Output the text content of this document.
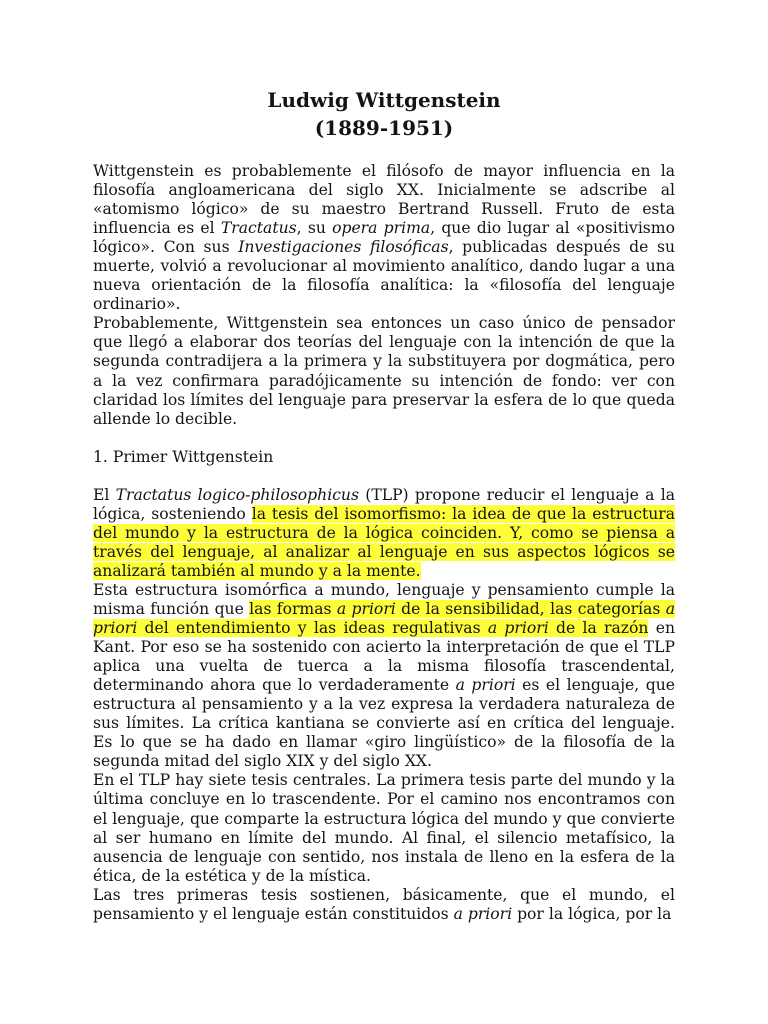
Ludwig Wittgenstein
(1889-1951)

Wittgenstein es probablemente el filósofo de mayor influencia en la filosofía angloamericana del siglo XX. Inicialmente se adscribe al «atomismo lógico» de su maestro Bertrand Russell. Fruto de esta influencia es el Tractatus, su opera prima, que dio lugar al «positivismo lógico». Con sus Investigaciones filosóficas, publicadas después de su muerte, volvió a revolucionar al movimiento analítico, dando lugar a una nueva orientación de la filosofía analítica: la «filosofía del lenguaje ordinario».

Probablemente, Wittgenstein sea entonces un caso único de pensador que llegó a elaborar dos teorías del lenguaje con la intención de que la segunda contradijera a la primera y la substituyera por dogmática, pero a la vez confirmara paradójicamente su intención de fondo: ver con claridad los límites del lenguaje para preservar la esfera de lo que queda allende lo decible.

1. Primer Wittgenstein

El Tractatus logico-philosophicus (TLP) propone reducir el lenguaje a la lógica, sosteniendo la tesis del isomorfismo: la idea de que la estructura del mundo y la estructura de la lógica coinciden. Y, como se piensa a través del lenguaje, al analizar al lenguaje en sus aspectos lógicos se analizará también al mundo y a la mente.

Esta estructura isomórfica a mundo, lenguaje y pensamiento cumple la misma función que las formas a priori de la sensibilidad, las categorías a priori del entendimiento y las ideas regulativas a priori de la razón en Kant. Por eso se ha sostenido con acierto la interpretación de que el TLP aplica una vuelta de tuerca a la misma filosofía trascendental, determinando ahora que lo verdaderamente a priori es el lenguaje, que estructura al pensamiento y a la vez expresa la verdadera naturaleza de sus límites. La crítica kantiana se convierte así en crítica del lenguaje. Es lo que se ha dado en llamar «giro lingüístico» de la filosofía de la segunda mitad del siglo XIX y del siglo XX.

En el TLP hay siete tesis centrales. La primera tesis parte del mundo y la última concluye en lo trascendente. Por el camino nos encontramos con el lenguaje, que comparte la estructura lógica del mundo y que convierte al ser humano en límite del mundo. Al final, el silencio metafísico, la ausencia de lenguaje con sentido, nos instala de lleno en la esfera de la ética, de la estética y de la mística.

Las tres primeras tesis sostienen, básicamente, que el mundo, el pensamiento y el lenguaje están constituidos a priori por la lógica, por la
